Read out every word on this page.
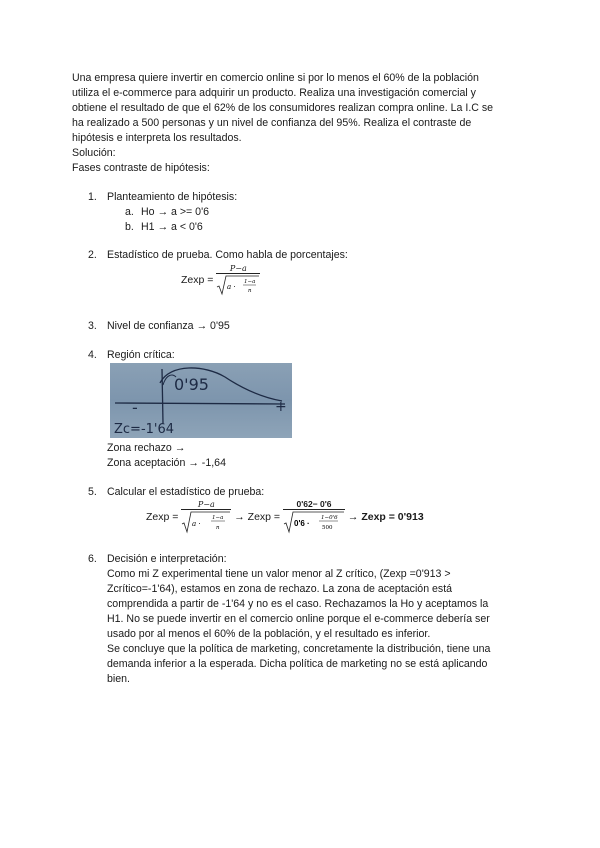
Una empresa quiere invertir en comercio online si por lo menos el 60% de la población

utiliza el e-commerce para adquirir un producto. Realiza una investigación comercial y

obtiene el resultado de que el 62% de los consumidores realizan compra online. La I.C se

ha realizado a 500 personas y un nivel de confianza del 95%. Realiza el contraste de

hipótesis e interpreta los resultados.

Solución:

Fases contraste de hipótesis:

1. Planteamiento de hipótesis:
a. Ho → a >= 0'6
b. H1 → a < 0'6
2. Estadístico de prueba. Como habla de porcentajes:
Zexp = P−a
a ·
1−a
n
3. Nivel de confianza → 0'95
4. Región crítica:
0'95
-	+
Zc=-1'64
Zona rechazo →
Zona aceptación → -1,64
5. Calcular el estadístico de prueba:
Zexp = P−a
a ·
1−a
n → Zexp = 0'62− 0'6
0'6 ·
1−0'6
500 → Zexp = 0'913
6. Decisión e interpretación:

Como mi Z experimental tiene un valor menor al Z crítico, (Zexp =0'913 >

Zcrítico=-1'64), estamos en zona de rechazo. La zona de aceptación está

comprendida a partir de -1'64 y no es el caso. Rechazamos la Ho y aceptamos la

H1. No se puede invertir en el comercio online porque el e-commerce debería ser

usado por al menos el 60% de la población, y el resultado es inferior.

Se concluye que la política de marketing, concretamente la distribución, tiene una

demanda inferior a la esperada. Dicha política de marketing no se está aplicando

bien.
